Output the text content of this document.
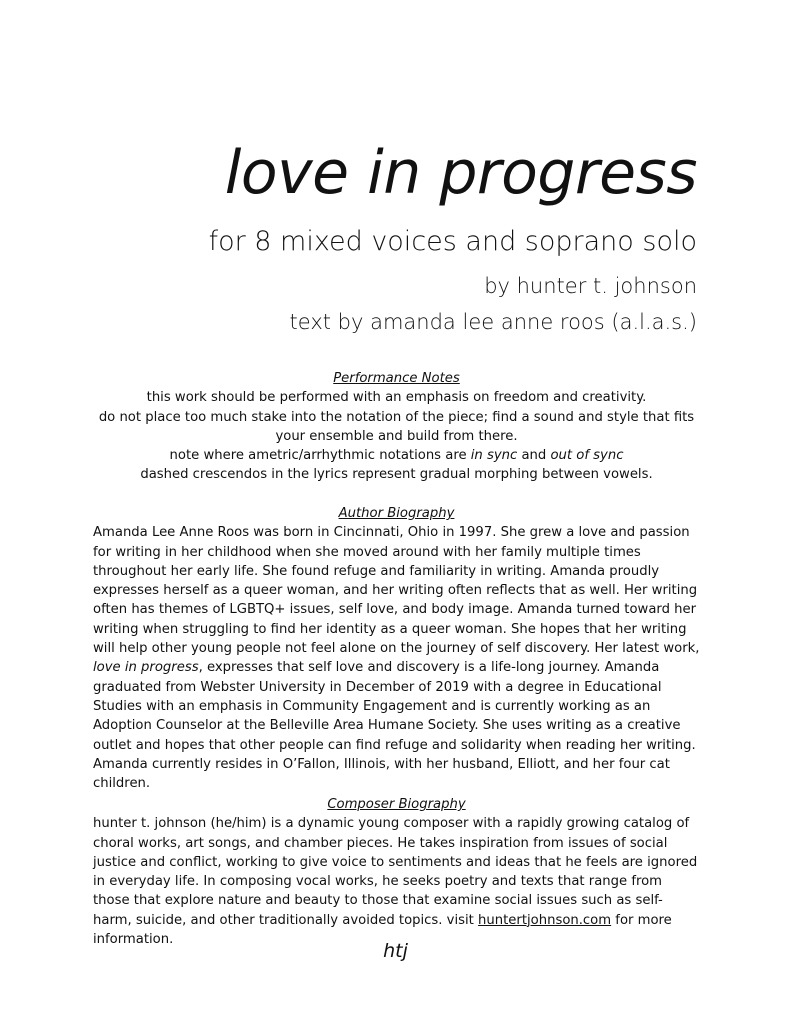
love in progress
for 8 mixed voices and soprano solo
by hunter t. johnson
text by amanda lee anne roos (a.l.a.s.)
Performance Notes
this work should be performed with an emphasis on freedom and creativity.
do not place too much stake into the notation of the piece; find a sound and style that fits your ensemble and build from there.
note where ametric/arrhythmic notations are in sync and out of sync
dashed crescendos in the lyrics represent gradual morphing between vowels.
Author Biography
Amanda Lee Anne Roos was born in Cincinnati, Ohio in 1997. She grew a love and passion for writing in her childhood when she moved around with her family multiple times throughout her early life. She found refuge and familiarity in writing. Amanda proudly expresses herself as a queer woman, and her writing often reflects that as well. Her writing often has themes of LGBTQ+ issues, self love, and body image. Amanda turned toward her writing when struggling to find her identity as a queer woman. She hopes that her writing will help other young people not feel alone on the journey of self discovery. Her latest work, love in progress, expresses that self love and discovery is a life-long journey. Amanda graduated from Webster University in December of 2019 with a degree in Educational Studies with an emphasis in Community Engagement and is currently working as an Adoption Counselor at the Belleville Area Humane Society. She uses writing as a creative outlet and hopes that other people can find refuge and solidarity when reading her writing. Amanda currently resides in O’Fallon, Illinois, with her husband, Elliott, and her four cat children.
Composer Biography
hunter t. johnson (he/him) is a dynamic young composer with a rapidly growing catalog of choral works, art songs, and chamber pieces. He takes inspiration from issues of social justice and conflict, working to give voice to sentiments and ideas that he feels are ignored in everyday life. In composing vocal works, he seeks poetry and texts that range from those that explore nature and beauty to those that examine social issues such as self-harm, suicide, and other traditionally avoided topics. visit huntertjohnson.com for more information.
htj
